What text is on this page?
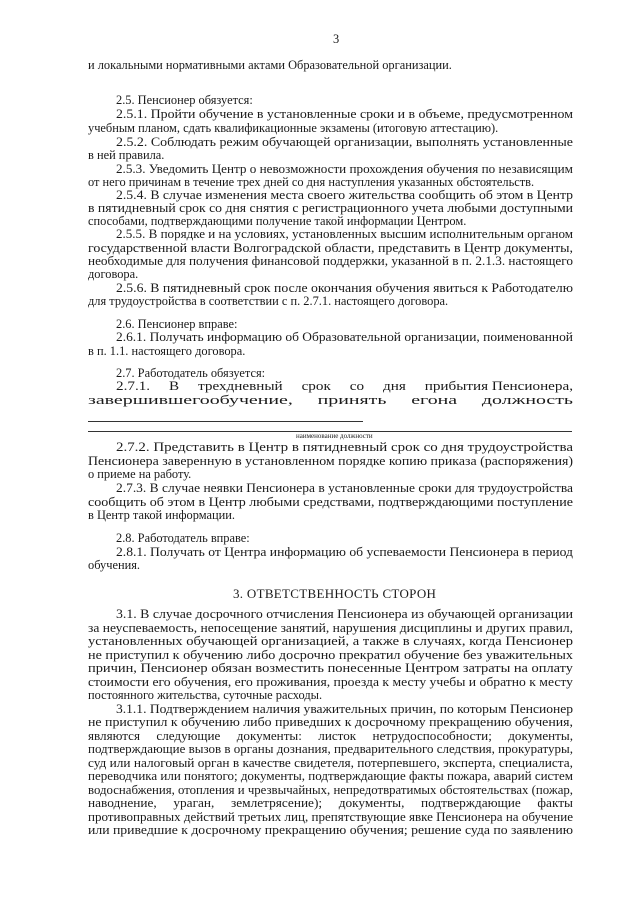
3
и локальными нормативными актами Образовательной организации.
2.5. Пенсионер обязуется:
2.5.1. Пройти обучение в установленные сроки и в объеме, предусмотренном
учебным планом, сдать квалификационные экзамены (итоговую аттестацию).
2.5.2. Соблюдать режим обучающей организации, выполнять установленные
в ней правила.
2.5.3. Уведомить Центр о невозможности прохождения обучения по независящим
от него причинам в течение трех дней со дня наступления указанных обстоятельств.
2.5.4. В случае изменения места своего жительства сообщить об этом в Центр
в пятидневный срок со дня снятия с регистрационного учета любыми доступными
способами, подтверждающими получение такой информации Центром.
2.5.5. В порядке и на условиях, установленных высшим исполнительным органом
государственной власти Волгоградской области, представить в Центр документы,
необходимые для получения финансовой поддержки, указанной в п. 2.1.3. настоящего
договора.
2.5.6. В пятидневный срок после окончания обучения явиться к Работодателю
для трудоустройства в соответствии с п. 2.7.1. настоящего договора.
2.6. Пенсионер вправе:
2.6.1. Получать информацию об Образовательной организации, поименованной
в п. 1.1. настоящего договора.
2.7. Работодатель обязуется:
2.7.1.     В     трехдневный     срок     со     дня     прибытия Пенсионера,
завершившегообучение,     принять     егона     должность
2.7.2. Представить в Центр в пятидневный срок со дня трудоустройства
Пенсионера заверенную в установленном порядке копию приказа (распоряжения)
о приеме на работу.
2.7.3. В случае неявки Пенсионера в установленные сроки для трудоустройства
сообщить об этом в Центр любыми средствами, подтверждающими поступление
в Центр такой информации.
2.8. Работодатель вправе:
2.8.1. Получать от Центра информацию об успеваемости Пенсионера в период
обучения.
3. ОТВЕТСТВЕННОСТЬ СТОРОН
3.1. В случае досрочного отчисления Пенсионера из обучающей организации
за неуспеваемость, непосещение занятий, нарушения дисциплины и других правил,
установленных обучающей организацией, а также в случаях, когда Пенсионер
не приступил к обучению либо досрочно прекратил обучение без уважительных
причин, Пенсионер обязан возместить понесенные Центром затраты на оплату
стоимости его обучения, его проживания, проезда к месту учебы и обратно к месту
постоянного жительства, суточные расходы.
3.1.1. Подтверждением наличия уважительных причин, по которым Пенсионер
не приступил к обучению либо приведших к досрочному прекращению обучения,
являются     следующие     документы:     листок     нетрудоспособности;     документы,
подтверждающие вызов в органы дознания, предварительного следствия, прокуратуры,
суд или налоговый орган в качестве свидетеля, потерпевшего, эксперта, специалиста,
переводчика или понятого; документы, подтверждающие факты пожара, аварий систем
водоснабжения, отопления и чрезвычайных, непредотвратимых обстоятельствах (пожар,
наводнение,     ураган,     землетрясение);     документы,     подтверждающие     факты
противоправных действий третьих лиц, препятствующие явке Пенсионера на обучение
или приведшие к досрочному прекращению обучения; решение суда по заявлению
наименование должности
